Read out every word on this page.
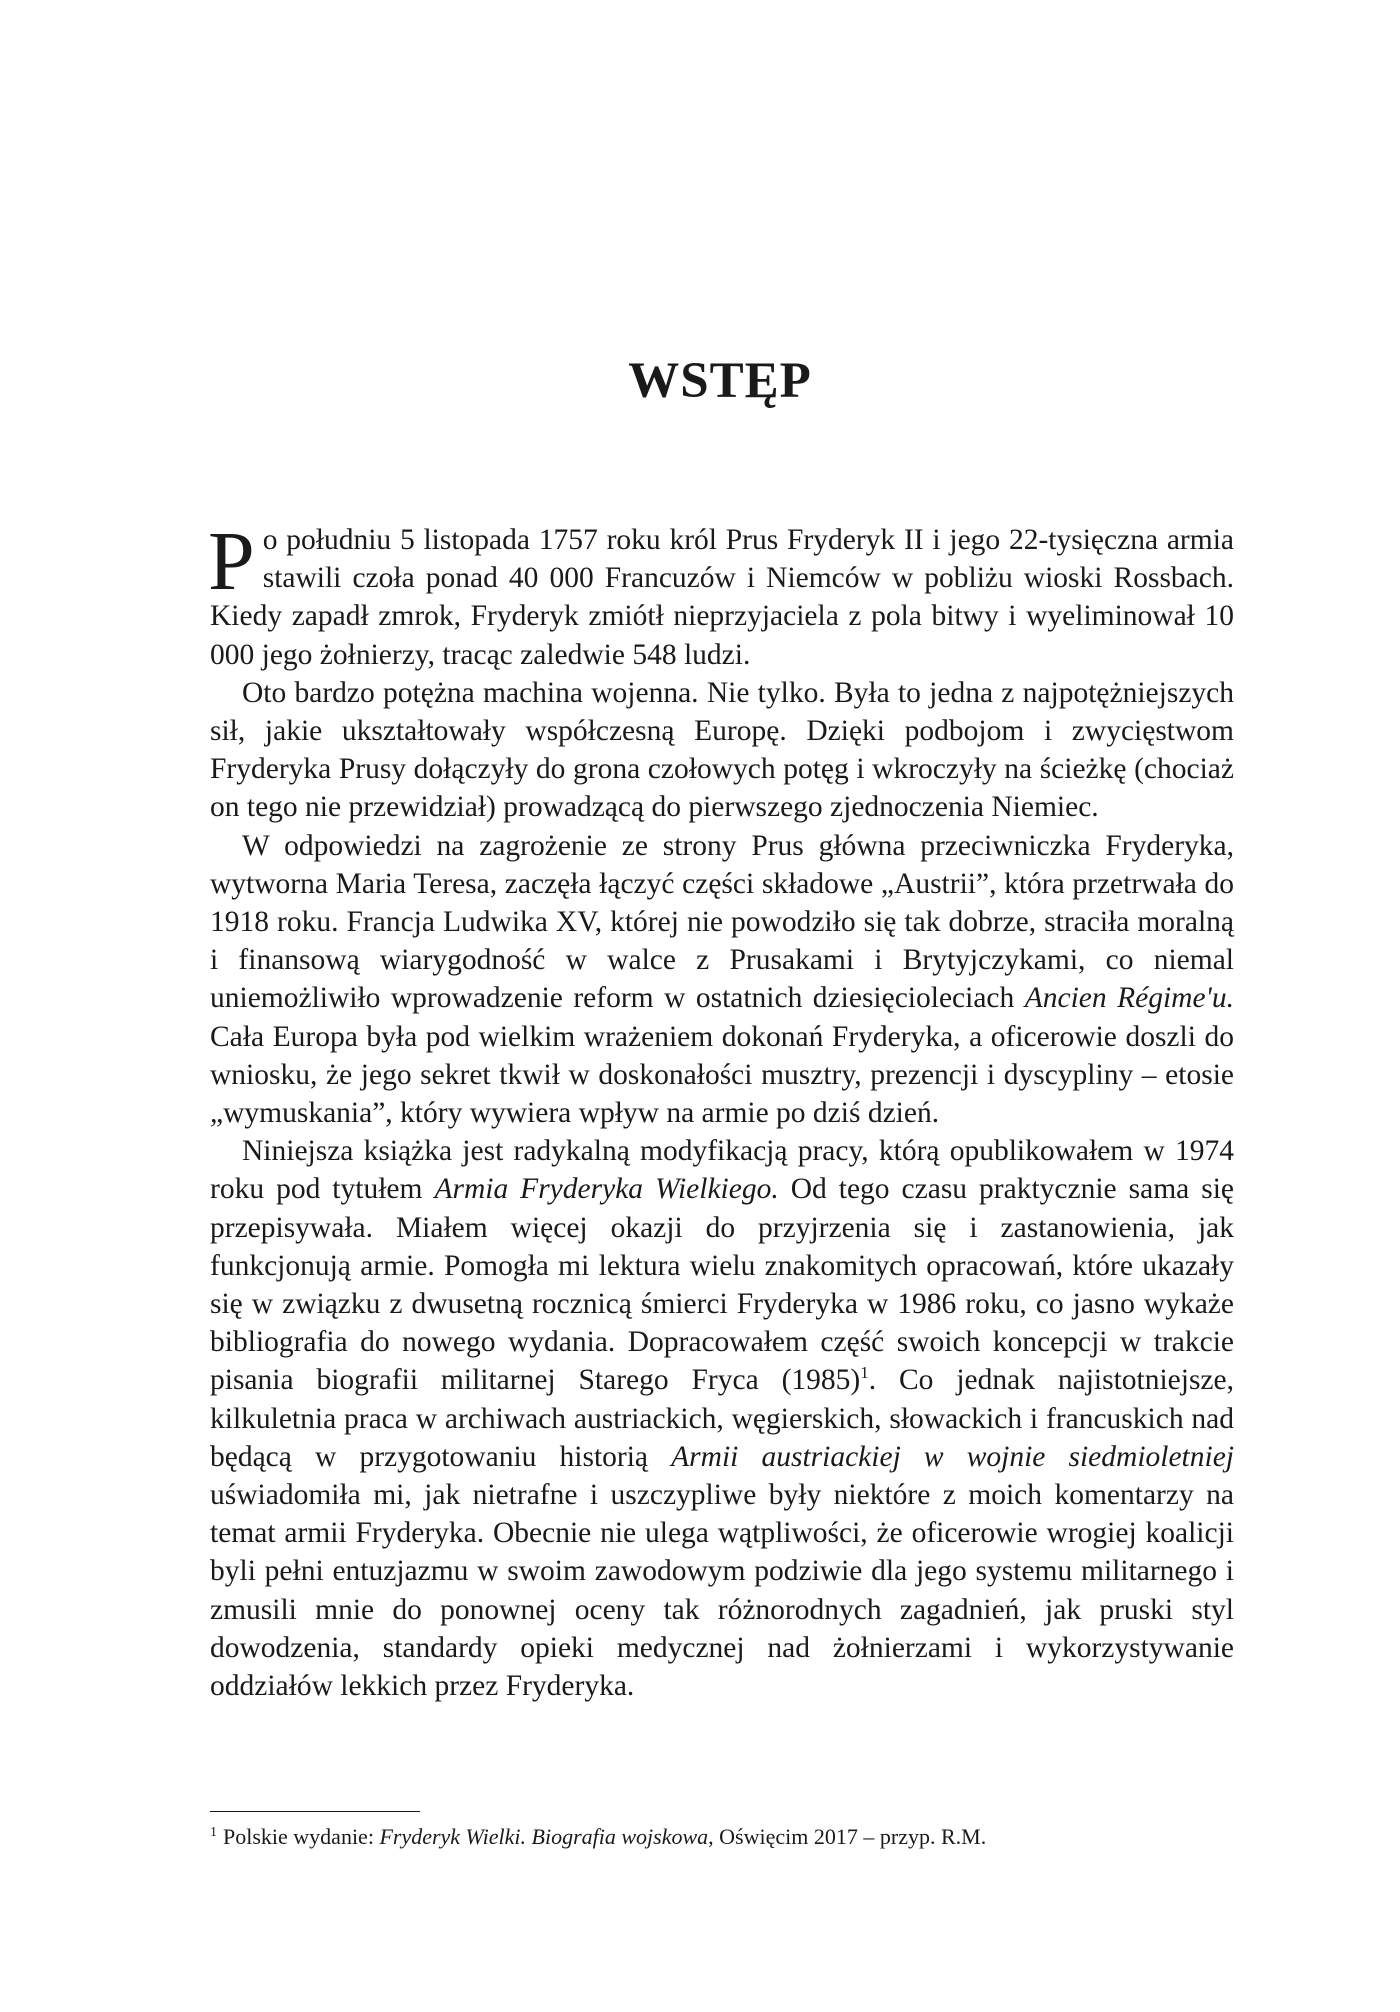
WSTĘP

Po południu 5 listopada 1757 roku król Prus Fryderyk II i jego 22-tysięczna armia stawili czoła ponad 40 000 Francuzów i Niemców w pobliżu wioski Rossbach. Kiedy zapadł zmrok, Fryderyk zmiótł nieprzyjaciela z pola bitwy i wyeliminował 10 000 jego żołnierzy, tracąc zaledwie 548 ludzi.

Oto bardzo potężna machina wojenna. Nie tylko. Była to jedna z najpotężniejszych sił, jakie ukształtowały współczesną Europę. Dzięki podbojom i zwycięstwom Fryderyka Prusy dołączyły do grona czołowych potęg i wkroczyły na ścieżkę (chociaż on tego nie przewidział) prowadzącą do pierwszego zjednoczenia Niemiec.

W odpowiedzi na zagrożenie ze strony Prus główna przeciwniczka Fryderyka, wytworna Maria Teresa, zaczęła łączyć części składowe „Austrii”, która przetrwała do 1918 roku. Francja Ludwika XV, której nie powodziło się tak dobrze, straciła moralną i finansową wiarygodność w walce z Prusakami i Brytyjczykami, co niemal uniemożliwiło wprowadzenie reform w ostatnich dziesięcioleciach Ancien Régime'u. Cała Europa była pod wielkim wrażeniem dokonań Fryderyka, a oficerowie doszli do wniosku, że jego sekret tkwił w doskonałości musztry, prezencji i dyscypliny – etosie „wymuskania”, który wywiera wpływ na armie po dziś dzień.

Niniejsza książka jest radykalną modyfikacją pracy, którą opublikowałem w 1974 roku pod tytułem Armia Fryderyka Wielkiego. Od tego czasu praktycznie sama się przepisywała. Miałem więcej okazji do przyjrzenia się i zastanowienia, jak funkcjonują armie. Pomogła mi lektura wielu znakomitych opracowań, które ukazały się w związku z dwusetną rocznicą śmierci Fryderyka w 1986 roku, co jasno wykaże bibliografia do nowego wydania. Dopracowałem część swoich koncepcji w trakcie pisania biografii militarnej Starego Fryca $(1985)^1$. Co jednak najistotniejsze, kilkuletnia praca w archiwach austriackich, węgierskich, słowackich i francuskich nad będącą w przygotowaniu historią Armii austriackiej w wojnie siedmioletniej uświadomiła mi, jak nietrafne i uszczypliwe były niektóre z moich komentarzy na temat armii Fryderyka. Obecnie nie ulega wątpliwości, że oficerowie wrogiej koalicji byli pełni entuzjazmu w swoim zawodowym podziwie dla jego systemu militarnego i zmusili mnie do ponownej oceny tak różnorodnych zagadnień, jak pruski styl dowodzenia, standardy opieki medycznej nad żołnierzami i wykorzystywanie oddziałów lekkich przez Fryderyka.

$^1$ Polskie wydanie: Fryderyk Wielki. Biografia wojskowa, Oświęcim 2017 – przyp. R.M.
